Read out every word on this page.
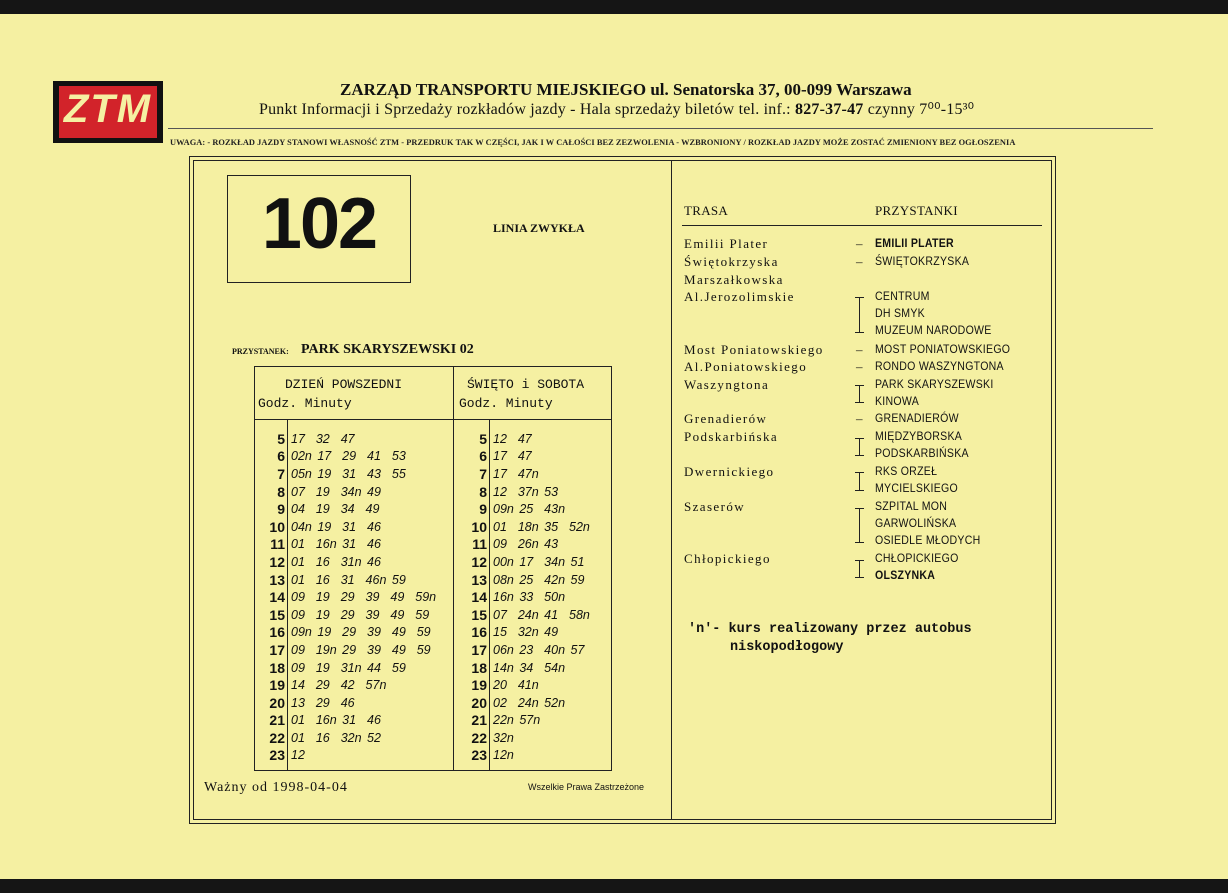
ZTM	ZARZĄD TRANSPORTU MIEJSKIEGO ul. Senatorska 37, 00-099 Warszawa
Punkt Informacji i Sprzedaży rozkładów jazdy - Hala sprzedaży biletów tel. inf.: 827-37-47 czynny 7⁰⁰-15³⁰
UWAGA: - ROZKŁAD JAZDY STANOWI WŁASNOŚĆ ZTM - PRZEDRUK TAK W CZĘŚCI, JAK I W CAŁOŚCI BEZ ZEZWOLENIA - WZBRONIONY / ROZKŁAD JAZDY MOŻE ZOSTAĆ ZMIENIONY BEZ OGŁOSZENIA
102	LINIA ZWYKŁA
PRZYSTANEK: PARK SKARYSZEWSKI 02
DZIEŃ POWSZEDNI
Godz. Minuty
ŚWIĘTO i SOBOTA
Godz. Minuty
5 17  32  47
6 02n 17  29  41  53
7 05n 19  31  43  55
8 07  19  34n 49
9 04  19  34  49
10 04n 19  31  46
11 01  16n 31  46
12 01  16  31n 46
13 01  16  31  46n 59
14 09  19  29  39  49  59n
15 09  19  29  39  49  59
16 09n 19  29  39  49  59
17 09  19n 29  39  49  59
18 09  19  31n 44  59
19 14  29  42  57n
20 13  29  46
21 01  16n 31  46
22 01  16  32n 52
23 12
5 12  47
6 17  47
7 17  47n
8 12  37n 53
9 09n 25  43n
10 01  18n 35  52n
11 09  26n 43
12 00n 17  34n 51
13 08n 25  42n 59
14 16n 33  50n
15 07  24n 41  58n
16 15  32n 49
17 06n 23  40n 57
18 14n 34  54n
19 20  41n
20 02  24n 52n
21 22n 57n
22 32n
23 12n
Ważny od 1998-04-04	Wszelkie Prawa Zastrzeżone
TRASA	PRZYSTANKI
Emilii Plater	– EMILII PLATER
Świętokrzyska	– ŚWIĘTOKRZYSKA
Marszałkowska
Al.Jerozolimskie	CENTRUM
DH SMYK
MUZEUM NARODOWE
Most Poniatowskiego – MOST PONIATOWSKIEGO
Al.Poniatowskiego	– RONDO WASZYNGTONA
Waszyngtona	PARK SKARYSZEWSKI
KINOWA
Grenadierów	– GRENADIERÓW
Podskarbińska	MIĘDZYBORSKA
PODSKARBIŃSKA
Dwernickiego	RKS ORZEŁ
MYCIELSKIEGO
Szaserów	SZPITAL MON
GARWOLIŃSKA
OSIEDLE MŁODYCH
Chłopickiego	CHŁOPICKIEGO
OLSZYNKA
'n'- kurs realizowany przez autobus
niskopodłogowy
